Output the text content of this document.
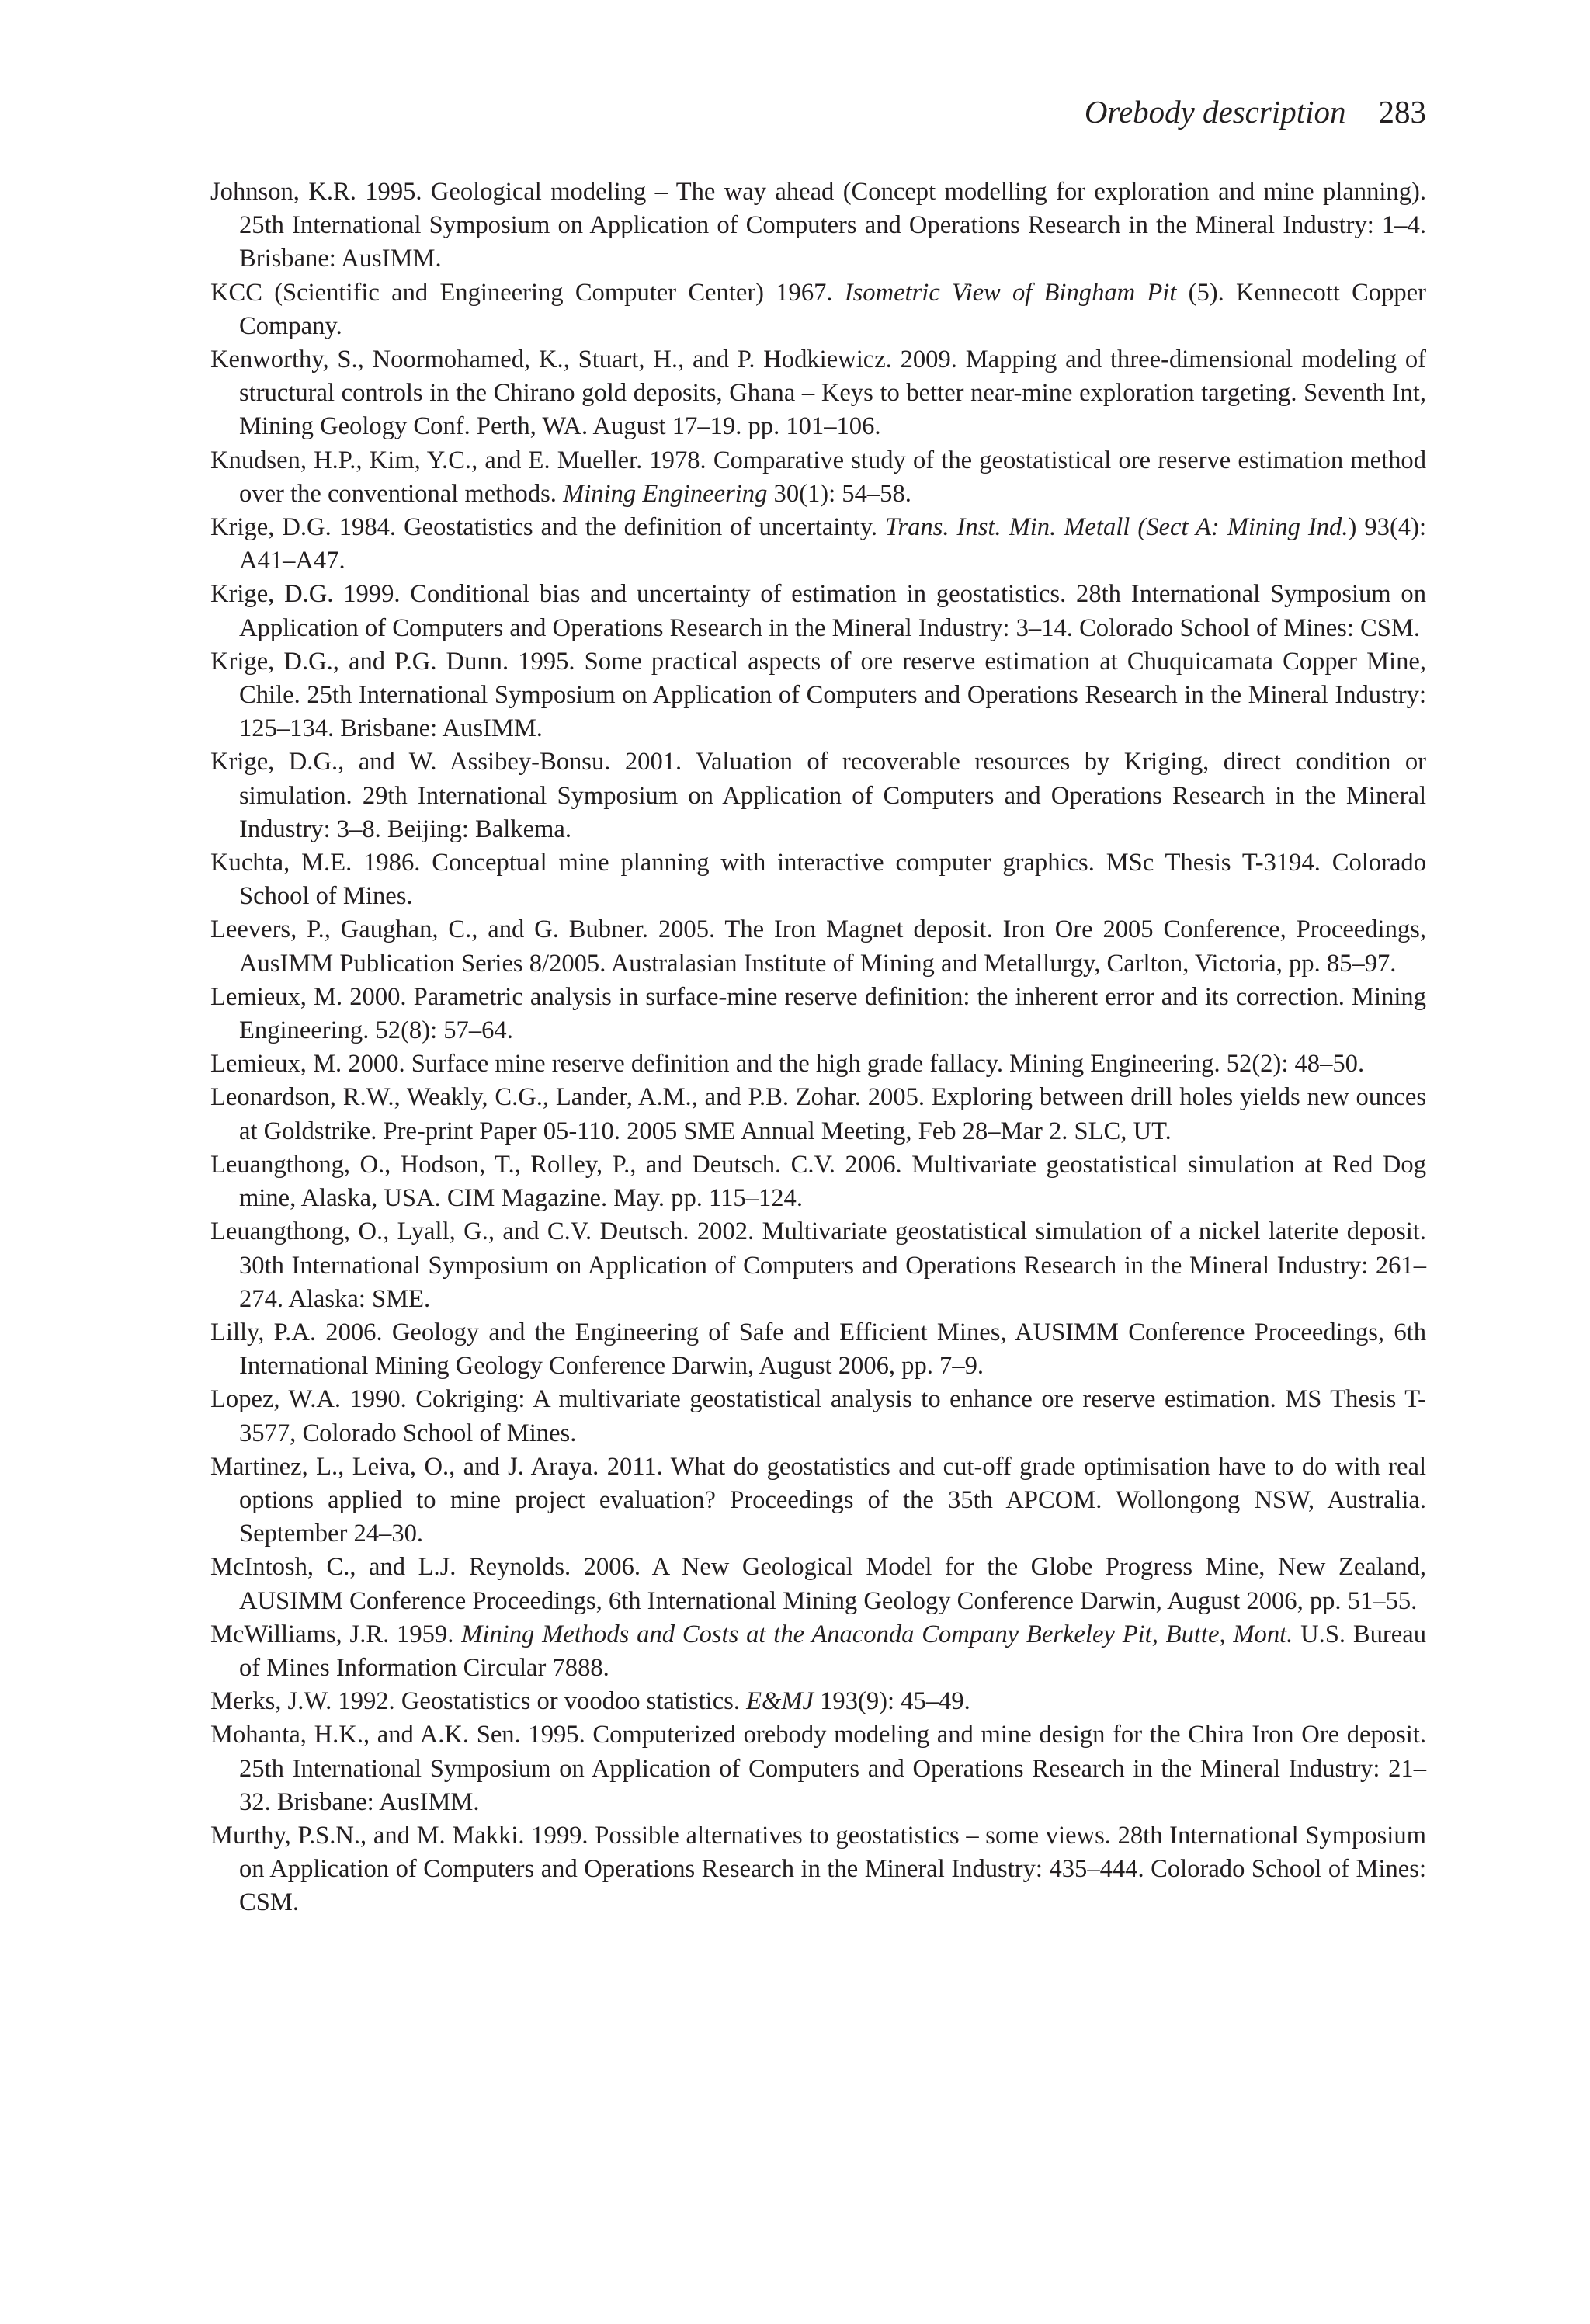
Orebody description 283

Johnson, K.R. 1995. Geological modeling – The way ahead (Concept modelling for exploration and mine planning). 25th International Symposium on Application of Computers and Operations Research in the Mineral Industry: 1–4. Brisbane: AusIMM.

KCC (Scientific and Engineering Computer Center) 1967. Isometric View of Bingham Pit (5). Kennecott Copper Company.

Kenworthy, S., Noormohamed, K., Stuart, H., and P. Hodkiewicz. 2009. Mapping and three-dimensional modeling of structural controls in the Chirano gold deposits, Ghana – Keys to better near-mine exploration targeting. Seventh Int, Mining Geology Conf. Perth, WA. August 17–19. pp. 101–106.

Knudsen, H.P., Kim, Y.C., and E. Mueller. 1978. Comparative study of the geostatistical ore reserve estimation method over the conventional methods. Mining Engineering 30(1): 54–58.

Krige, D.G. 1984. Geostatistics and the definition of uncertainty. Trans. Inst. Min. Metall (Sect A: Mining Ind.) 93(4): A41–A47.

Krige, D.G. 1999. Conditional bias and uncertainty of estimation in geostatistics. 28th International Symposium on Application of Computers and Operations Research in the Mineral Industry: 3–14. Colorado School of Mines: CSM.

Krige, D.G., and P.G. Dunn. 1995. Some practical aspects of ore reserve estimation at Chuquicamata Copper Mine, Chile. 25th International Symposium on Application of Computers and Operations Research in the Mineral Industry: 125–134. Brisbane: AusIMM.

Krige, D.G., and W. Assibey-Bonsu. 2001. Valuation of recoverable resources by Kriging, direct condition or simulation. 29th International Symposium on Application of Computers and Operations Research in the Mineral Industry: 3–8. Beijing: Balkema.

Kuchta, M.E. 1986. Conceptual mine planning with interactive computer graphics. MSc Thesis T-3194. Colorado School of Mines.

Leevers, P., Gaughan, C., and G. Bubner. 2005. The Iron Magnet deposit. Iron Ore 2005 Conference, Proceedings, AusIMM Publication Series 8/2005. Australasian Institute of Mining and Metallurgy, Carlton, Victoria, pp. 85–97.

Lemieux, M. 2000. Parametric analysis in surface-mine reserve definition: the inherent error and its correction. Mining Engineering. 52(8): 57–64.

Lemieux, M. 2000. Surface mine reserve definition and the high grade fallacy. Mining Engineering. 52(2): 48–50.

Leonardson, R.W., Weakly, C.G., Lander, A.M., and P.B. Zohar. 2005. Exploring between drill holes yields new ounces at Goldstrike. Pre-print Paper 05-110. 2005 SME Annual Meeting, Feb 28–Mar 2. SLC, UT.

Leuangthong, O., Hodson, T., Rolley, P., and Deutsch. C.V. 2006. Multivariate geostatistical simulation at Red Dog mine, Alaska, USA. CIM Magazine. May. pp. 115–124.

Leuangthong, O., Lyall, G., and C.V. Deutsch. 2002. Multivariate geostatistical simulation of a nickel laterite deposit. 30th International Symposium on Application of Computers and Operations Research in the Mineral Industry: 261–274. Alaska: SME.

Lilly, P.A. 2006. Geology and the Engineering of Safe and Efficient Mines, AUSIMM Conference Proceedings, 6th International Mining Geology Conference Darwin, August 2006, pp. 7–9.

Lopez, W.A. 1990. Cokriging: A multivariate geostatistical analysis to enhance ore reserve estimation. MS Thesis T-3577, Colorado School of Mines.

Martinez, L., Leiva, O., and J. Araya. 2011. What do geostatistics and cut-off grade optimisation have to do with real options applied to mine project evaluation? Proceedings of the 35th APCOM. Wollongong NSW, Australia. September 24–30.

McIntosh, C., and L.J. Reynolds. 2006. A New Geological Model for the Globe Progress Mine, New Zealand, AUSIMM Conference Proceedings, 6th International Mining Geology Conference Darwin, August 2006, pp. 51–55.

McWilliams, J.R. 1959. Mining Methods and Costs at the Anaconda Company Berkeley Pit, Butte, Mont. U.S. Bureau of Mines Information Circular 7888.

Merks, J.W. 1992. Geostatistics or voodoo statistics. E&MJ 193(9): 45–49.

Mohanta, H.K., and A.K. Sen. 1995. Computerized orebody modeling and mine design for the Chira Iron Ore deposit. 25th International Symposium on Application of Computers and Operations Research in the Mineral Industry: 21–32. Brisbane: AusIMM.

Murthy, P.S.N., and M. Makki. 1999. Possible alternatives to geostatistics – some views. 28th International Symposium on Application of Computers and Operations Research in the Mineral Industry: 435–444. Colorado School of Mines: CSM.
